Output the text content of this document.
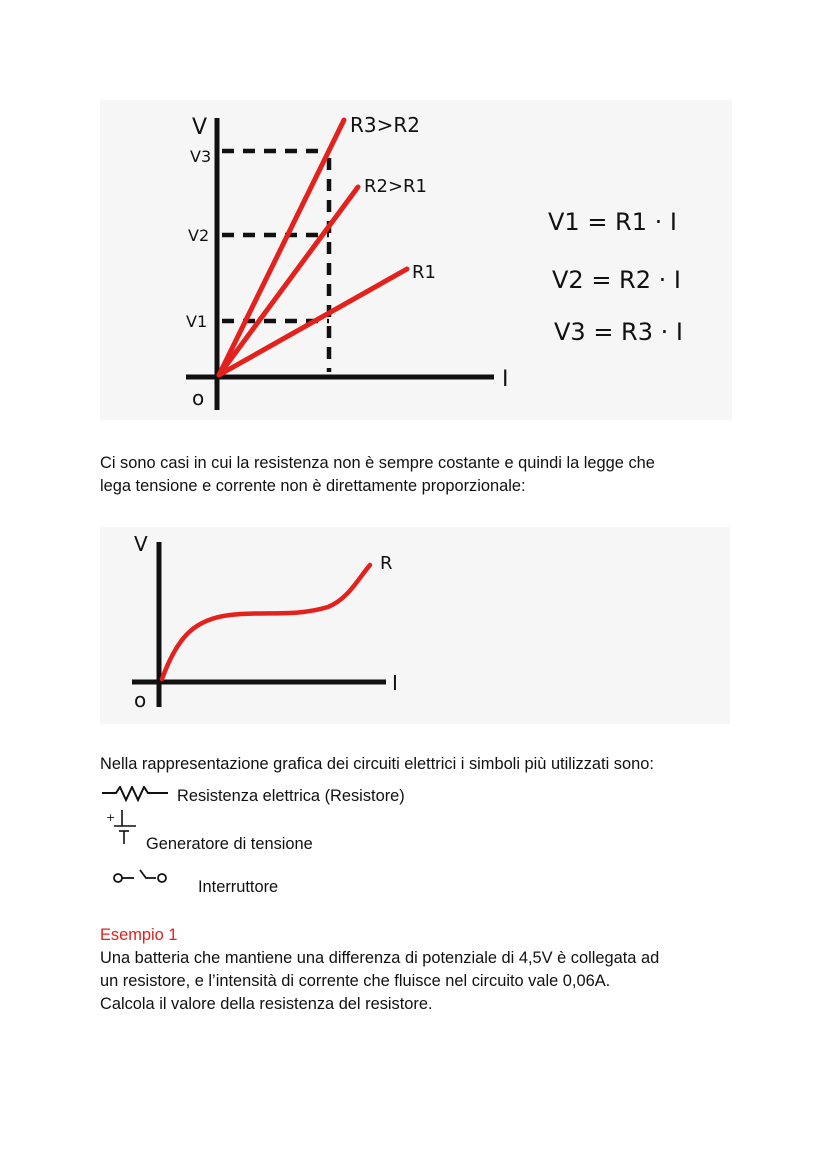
V
V3
V2
V1
o
I
R3>R2
R2>R1
R1
V1 = R1 · I
V2 = R2 · I
V3 = R3 · I

Ci sono casi in cui la resistenza non è sempre costante e quindi la legge che
lega tensione e corrente non è direttamente proporzionale:

V
o
I
R

Nella rappresentazione grafica dei circuiti elettrici i simboli più utilizzati sono:

Resistenza elettrica (Resistore)
+
Generatore di tensione
Interruttore

Esempio 1
Una batteria che mantiene una differenza di potenziale di 4,5V è collegata ad
un resistore, e l’intensità di corrente che fluisce nel circuito vale 0,06A.
Calcola il valore della resistenza del resistore.
